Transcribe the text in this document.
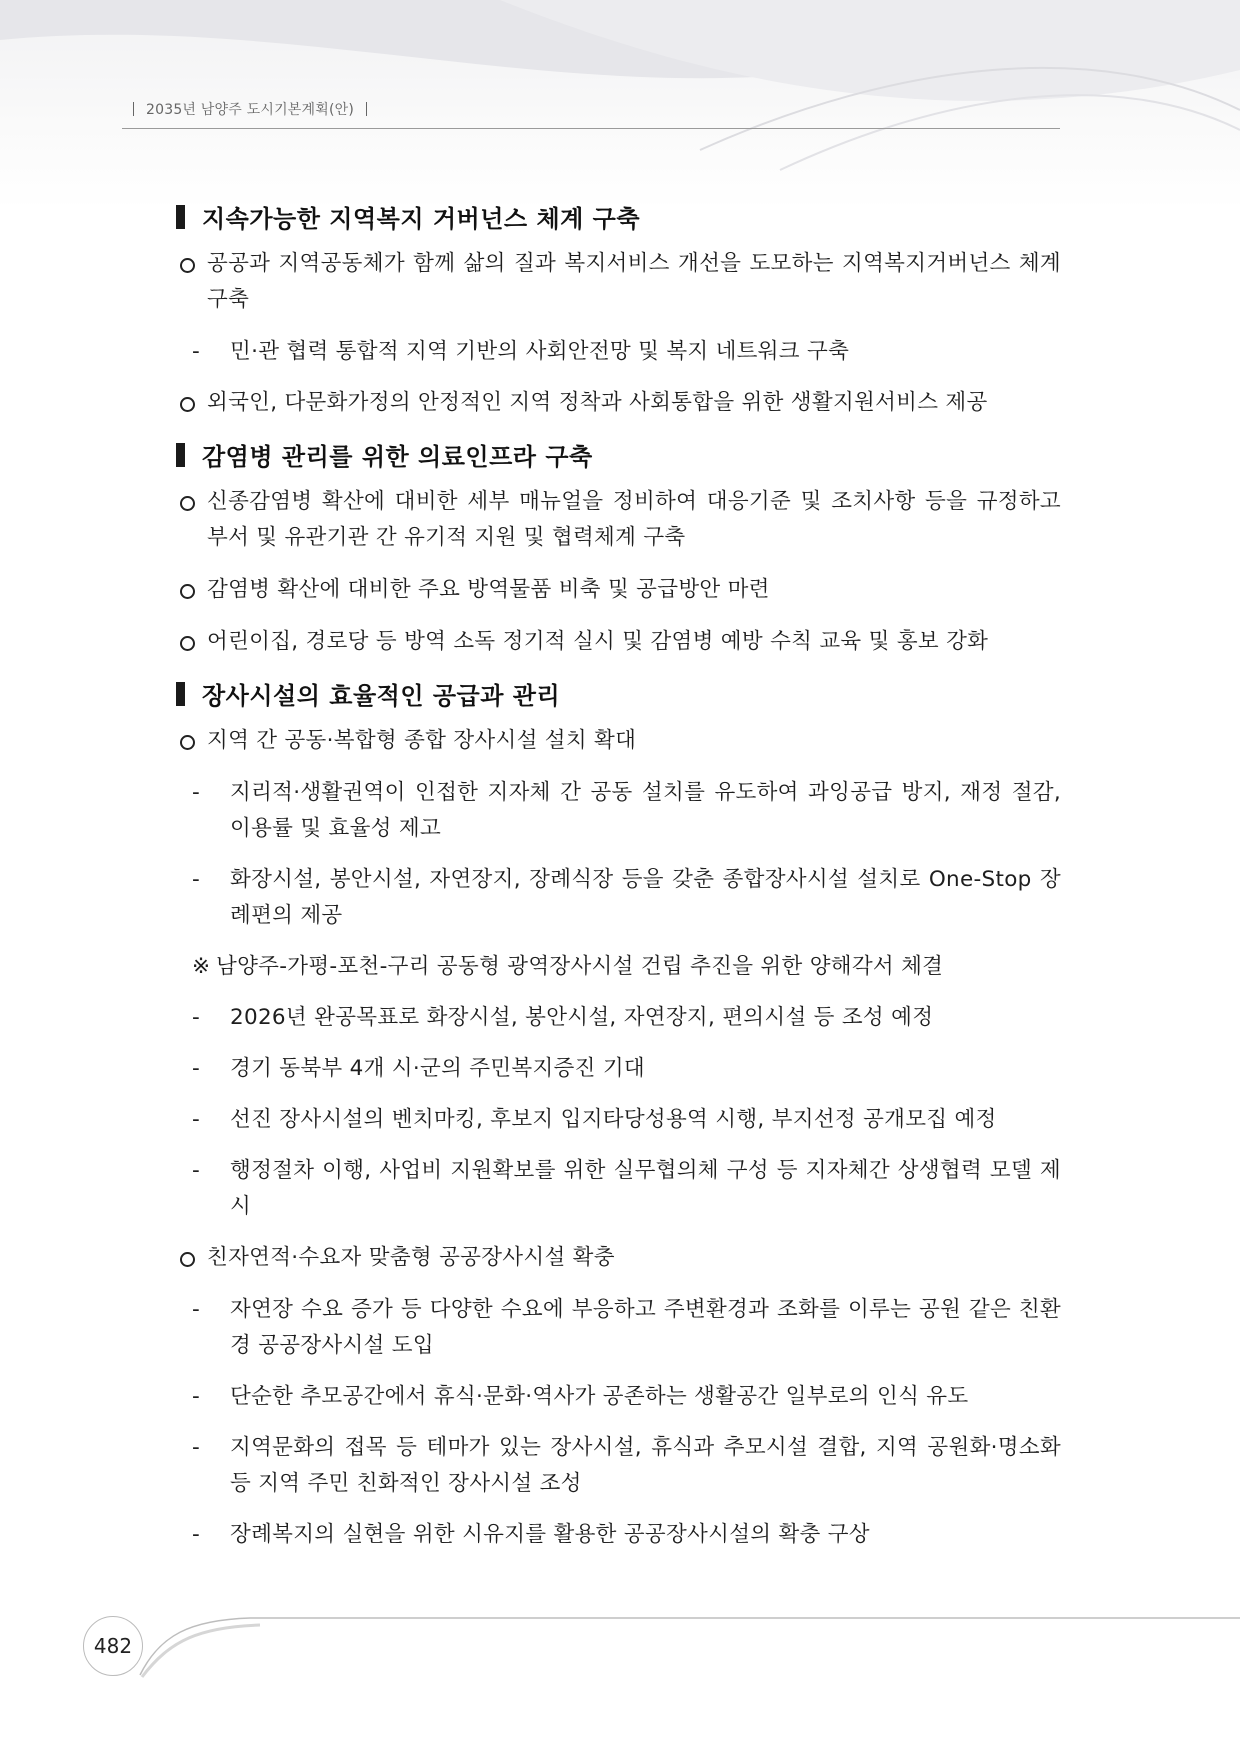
2035년 남양주 도시기본계획(안)
지속가능한 지역복지 거버넌스 체계 구축
공공과 지역공동체가 함께 삶의 질과 복지서비스 개선을 도모하는 지역복지거버넌스 체계 구축
- 민·관 협력 통합적 지역 기반의 사회안전망 및 복지 네트워크 구축
외국인, 다문화가정의 안정적인 지역 정착과 사회통합을 위한 생활지원서비스 제공
감염병 관리를 위한 의료인프라 구축
신종감염병 확산에 대비한 세부 매뉴얼을 정비하여 대응기준 및 조치사항 등을 규정하고 부서 및 유관기관 간 유기적 지원 및 협력체계 구축
감염병 확산에 대비한 주요 방역물품 비축 및 공급방안 마련
어린이집, 경로당 등 방역 소독 정기적 실시 및 감염병 예방 수칙 교육 및 홍보 강화
장사시설의 효율적인 공급과 관리
지역 간 공동·복합형 종합 장사시설 설치 확대
- 지리적·생활권역이 인접한 지자체 간 공동 설치를 유도하여 과잉공급 방지, 재정 절감, 이용률 및 효율성 제고
- 화장시설, 봉안시설, 자연장지, 장례식장 등을 갖춘 종합장사시설 설치로 One-Stop 장례편의 제공
※ 남양주-가평-포천-구리 공동형 광역장사시설 건립 추진을 위한 양해각서 체결
- 2026년 완공목표로 화장시설, 봉안시설, 자연장지, 편의시설 등 조성 예정
- 경기 동북부 4개 시·군의 주민복지증진 기대
- 선진 장사시설의 벤치마킹, 후보지 입지타당성용역 시행, 부지선정 공개모집 예정
- 행정절차 이행, 사업비 지원확보를 위한 실무협의체 구성 등 지자체간 상생협력 모델 제시
친자연적·수요자 맞춤형 공공장사시설 확충
- 자연장 수요 증가 등 다양한 수요에 부응하고 주변환경과 조화를 이루는 공원 같은 친환경 공공장사시설 도입
- 단순한 추모공간에서 휴식·문화·역사가 공존하는 생활공간 일부로의 인식 유도
- 지역문화의 접목 등 테마가 있는 장사시설, 휴식과 추모시설 결합, 지역 공원화·명소화 등 지역 주민 친화적인 장사시설 조성
- 장례복지의 실현을 위한 시유지를 활용한 공공장사시설의 확충 구상
482
